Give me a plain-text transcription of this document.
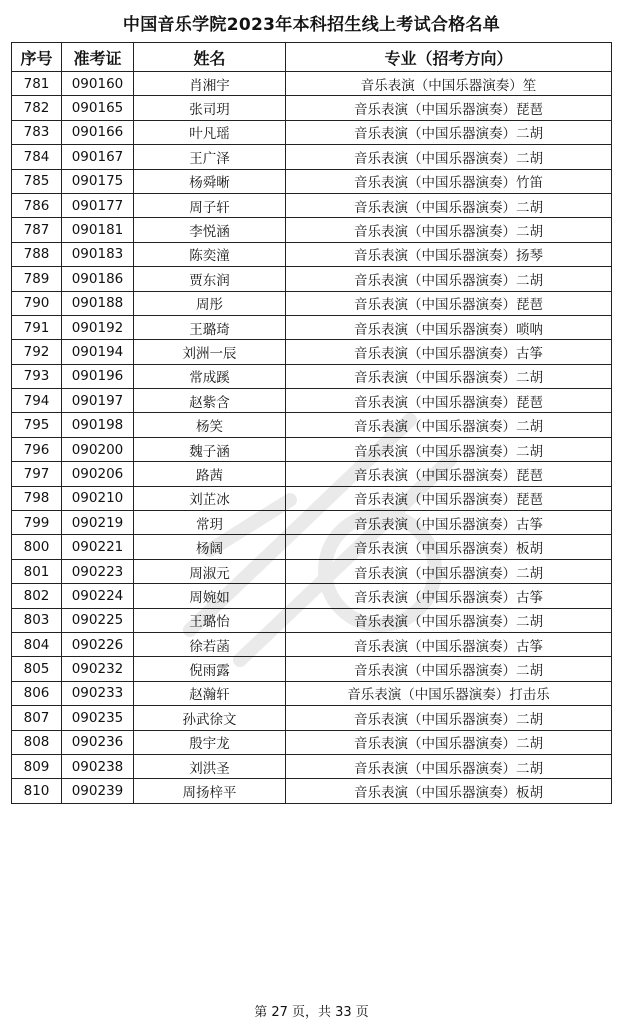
中国音乐学院2023年本科招生线上考试合格名单
序号	准考证	姓名	专业（招考方向）
781	090160	肖湘宇	音乐表演（中国乐器演奏）笙
782	090165	张司玥	音乐表演（中国乐器演奏）琵琶
783	090166	叶凡瑶	音乐表演（中国乐器演奏）二胡
784	090167	王广泽	音乐表演（中国乐器演奏）二胡
785	090175	杨舜晰	音乐表演（中国乐器演奏）竹笛
786	090177	周子轩	音乐表演（中国乐器演奏）二胡
787	090181	李悦涵	音乐表演（中国乐器演奏）二胡
788	090183	陈奕潼	音乐表演（中国乐器演奏）扬琴
789	090186	贾东润	音乐表演（中国乐器演奏）二胡
790	090188	周彤	音乐表演（中国乐器演奏）琵琶
791	090192	王璐琦	音乐表演（中国乐器演奏）唢呐
792	090194	刘洲一辰	音乐表演（中国乐器演奏）古筝
793	090196	常成蹊	音乐表演（中国乐器演奏）二胡
794	090197	赵紫含	音乐表演（中国乐器演奏）琵琶
795	090198	杨笑	音乐表演（中国乐器演奏）二胡
796	090200	魏子涵	音乐表演（中国乐器演奏）二胡
797	090206	路茜	音乐表演（中国乐器演奏）琵琶
798	090210	刘芷冰	音乐表演（中国乐器演奏）琵琶
799	090219	常玥	音乐表演（中国乐器演奏）古筝
800	090221	杨阔	音乐表演（中国乐器演奏）板胡
801	090223	周淑元	音乐表演（中国乐器演奏）二胡
802	090224	周婉如	音乐表演（中国乐器演奏）古筝
803	090225	王璐怡	音乐表演（中国乐器演奏）二胡
804	090226	徐若菡	音乐表演（中国乐器演奏）古筝
805	090232	倪雨露	音乐表演（中国乐器演奏）二胡
806	090233	赵瀚轩	音乐表演（中国乐器演奏）打击乐
807	090235	孙武徐文	音乐表演（中国乐器演奏）二胡
808	090236	殷宇龙	音乐表演（中国乐器演奏）二胡
809	090238	刘洪圣	音乐表演（中国乐器演奏）二胡
810	090239	周扬梓平	音乐表演（中国乐器演奏）板胡
第 27 页，共 33 页
